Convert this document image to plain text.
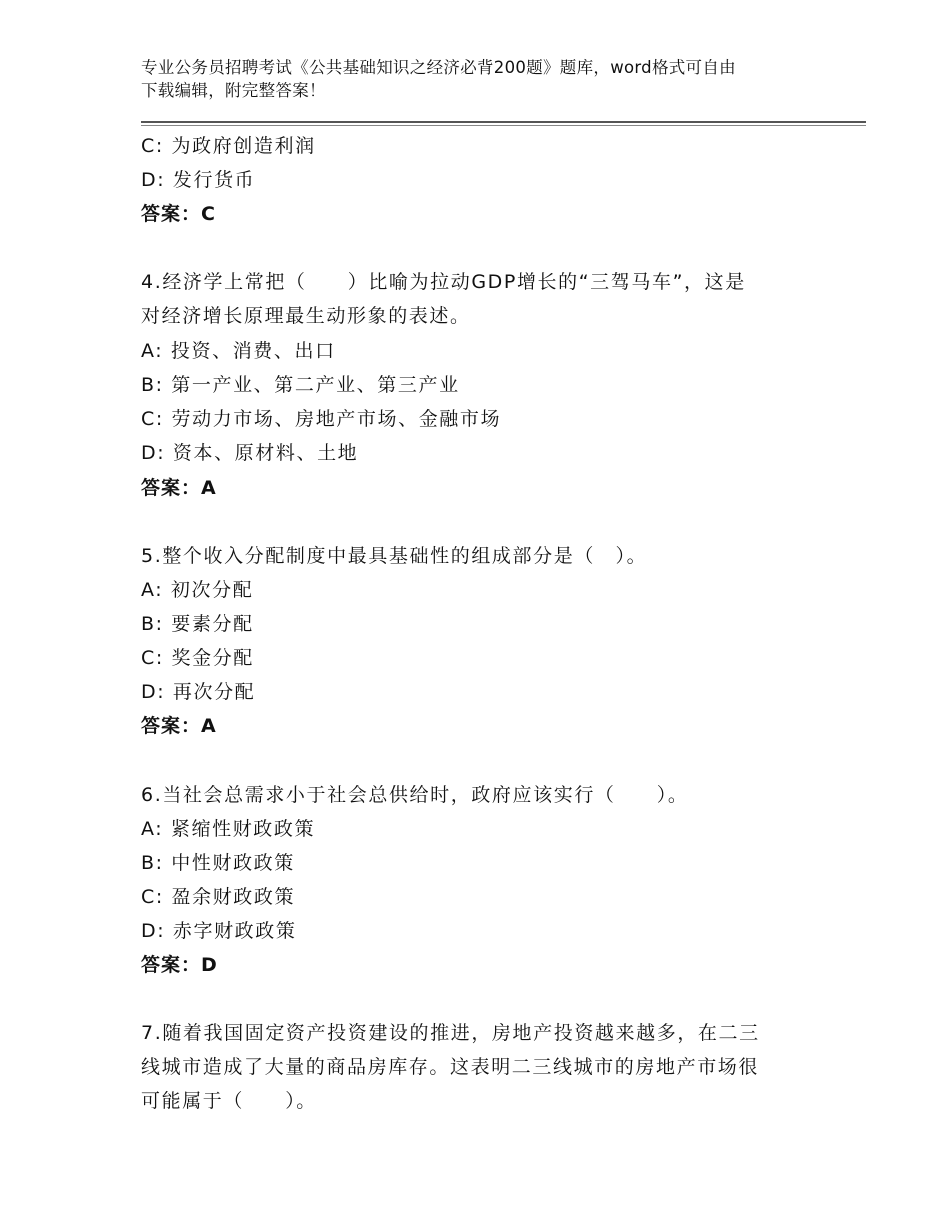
专业公务员招聘考试《公共基础知识之经济必背200题》题库，word格式可自由
下载编辑，附完整答案！
C: 为政府创造利润
D: 发行货币
答案：C
4.经济学上常把（　　）比喻为拉动GDP增长的“三驾马车”，这是
对经济增长原理最生动形象的表述。
A: 投资、消费、出口
B: 第一产业、第二产业、第三产业
C: 劳动力市场、房地产市场、金融市场
D: 资本、原材料、土地
答案：A
5.整个收入分配制度中最具基础性的组成部分是（　）。
A: 初次分配
B: 要素分配
C: 奖金分配
D: 再次分配
答案：A
6.当社会总需求小于社会总供给时，政府应该实行（　　）。
A: 紧缩性财政政策
B: 中性财政政策
C: 盈余财政政策
D: 赤字财政政策
答案：D
7.随着我国固定资产投资建设的推进，房地产投资越来越多，在二三
线城市造成了大量的商品房库存。这表明二三线城市的房地产市场很
可能属于（　　）。
